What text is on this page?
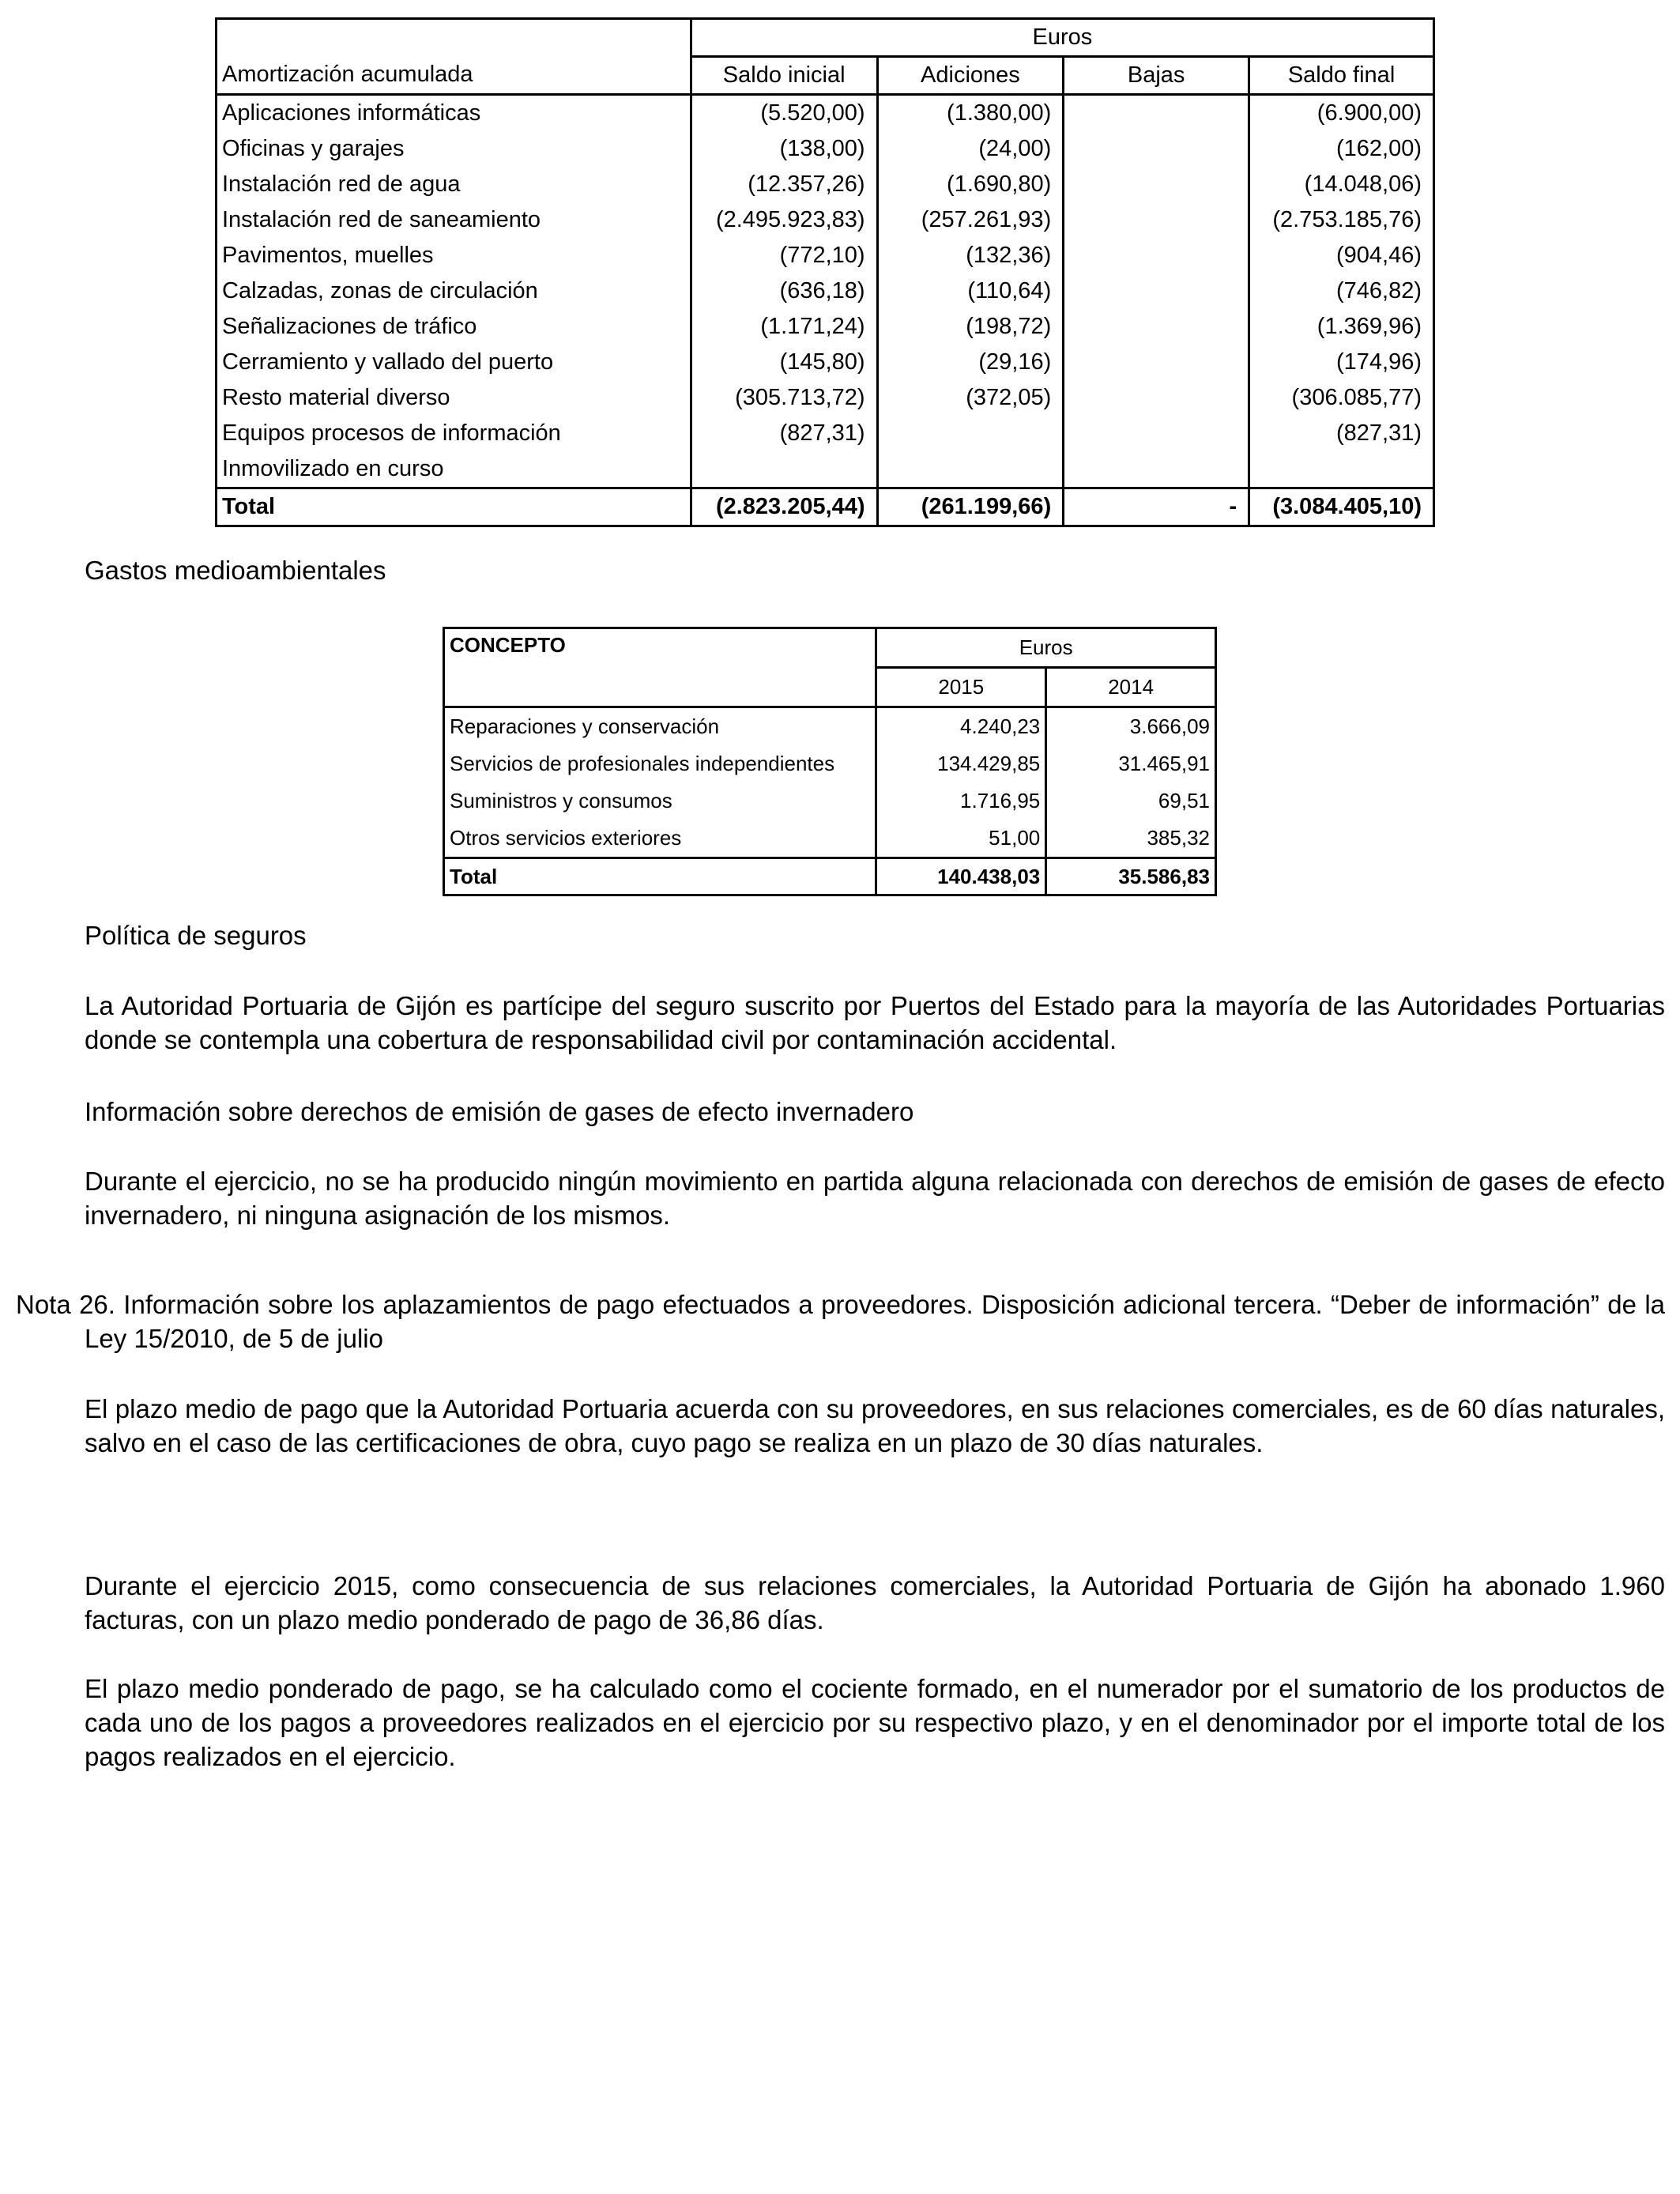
	Euros			
Amortización acumulada	Saldo inicial	Adiciones	Bajas	Saldo final
Aplicaciones informáticas	(5.520,00)	(1.380,00)		(6.900,00)
Oficinas y garajes	(138,00)	(24,00)		(162,00)
Instalación red de agua	(12.357,26)	(1.690,80)		(14.048,06)
Instalación red de saneamiento	(2.495.923,83)	(257.261,93)		(2.753.185,76)
Pavimentos, muelles	(772,10)	(132,36)		(904,46)
Calzadas, zonas de circulación	(636,18)	(110,64)		(746,82)
Señalizaciones de tráfico	(1.171,24)	(198,72)		(1.369,96)
Cerramiento y vallado del puerto	(145,80)	(29,16)		(174,96)
Resto material diverso	(305.713,72)	(372,05)		(306.085,77)
Equipos procesos de información	(827,31)			(827,31)
Inmovilizado en curso				
Total	(2.823.205,44)	(261.199,66)	-	(3.084.405,10)
Gastos medioambientales
CONCEPTO	Euros	
	2015	2014
Reparaciones y conservación	4.240,23	3.666,09
Servicios de profesionales independientes	134.429,85	31.465,91
Suministros y consumos	1.716,95	69,51
Otros servicios exteriores	51,00	385,32
Total	140.438,03	35.586,83
Política de seguros
La Autoridad Portuaria de Gijón es partícipe del seguro suscrito por Puertos del Estado para la mayoría de las Autoridades Portuarias donde se contempla una cobertura de responsabilidad civil por contaminación accidental.
Información sobre derechos de emisión de gases de efecto invernadero
Durante el ejercicio, no se ha producido ningún movimiento en partida alguna relacionada con derechos de emisión de gases de efecto invernadero, ni ninguna asignación de los mismos.
Nota 26. Información sobre los aplazamientos de pago efectuados a proveedores. Disposición adicional tercera. “Deber de información” de la Ley 15/2010, de 5 de julio
El plazo medio de pago que la Autoridad Portuaria acuerda con su proveedores, en sus relaciones comerciales, es de 60 días naturales, salvo en el caso de las certificaciones de obra, cuyo pago se realiza en un plazo de 30 días naturales.
Durante el ejercicio 2015, como consecuencia de sus relaciones comerciales, la Autoridad Portuaria de Gijón ha abonado 1.960 facturas, con un plazo medio ponderado de pago de 36,86 días.
El plazo medio ponderado de pago, se ha calculado como el cociente formado, en el numerador por el sumatorio de los productos de cada uno de los pagos a proveedores realizados en el ejercicio por su respectivo plazo, y en el denominador por el importe total de los pagos realizados en el ejercicio.
